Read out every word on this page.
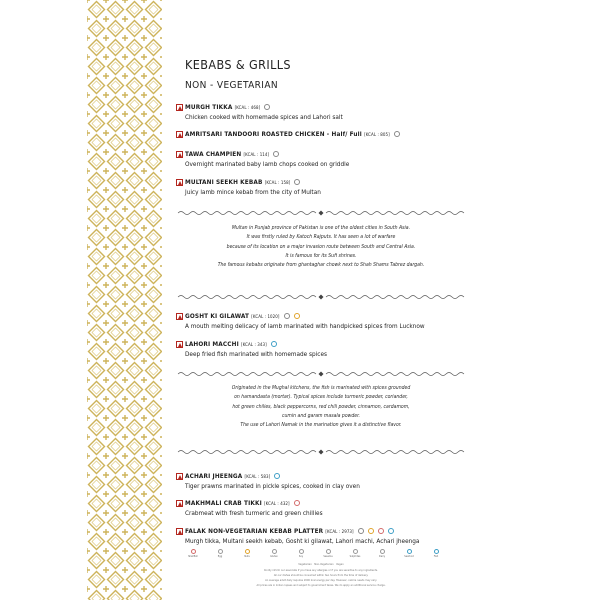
KEBABS & GRILLS
NON - VEGETARIAN
MURGH TIKKA [KCAL : 468]
Chicken cooked with homemade spices and Lahori salt
AMRITSARI TANDOORI ROASTED CHICKEN - Half/ Full [KCAL : 805]
TAWA CHAMPIEN [KCAL : 114]
Overnight marinated baby lamb chops cooked on griddle
MULTANI SEEKH KEBAB [KCAL : 158]
Juicy lamb mince kebab from the city of Multan
Multan in Punjab province of Pakistan is one of the oldest cities in South Asia.
It was firstly ruled by Katoch Rajputs. It has seen a lot of warfare
because of its location on a major invasion route between South and Central Asia.
It is famous for its Sufi shrines.
The famous kebabs originate from ghantaghar chowk next to Shah Shams Tabrez dargah.
GOSHT KI GILAWAT [KCAL : 1020]
A mouth melting delicacy of lamb marinated with handpicked spices from Lucknow
LAHORI MACCHI [KCAL : 343]
Deep fried fish marinated with homemade spices
Originated in the Mughal kitchens, the fish is marinated with spices grounded
on hamandasta (mortar). Typical spices include turmeric powder, coriander,
hot green chilies, black peppercorns, red chili powder, cinnamon, cardamom,
cumin and garam masala powder.
The use of Lahori Namak in the marination gives it a distinctive flavor.
ACHARI JHEENGA [KCAL : 583]
Tiger prawns marinated in pickle spices, cooked in clay oven
MAKHMALI CRAB TIKKI [KCAL : 432]
Crabmeat with fresh turmeric and green chillies
FALAK NON-VEGETARIAN KEBAB PLATTER [KCAL : 2973]
Murgh tikka, Multani seekh kebab, Gosht ki gilawat, Lahori machi, Achari jheenga
Shellfish	Egg	Nuts	Gluten	Soy	Sesame	Sulphites	Dairy	Seafood	Fish
Vegetarian Non-Vegetarian Vegan
Kindly inform our associate if you have any allergies or if you are sensitive to any ingredients.
All our dishes should be consumed within two hours from the time of delivery.
An average adult daily requires 2000 kcal energy per day. However, calorie needs may vary.
All prices are in Indian rupees and subject to government taxes. We do apply an additional service charge.
